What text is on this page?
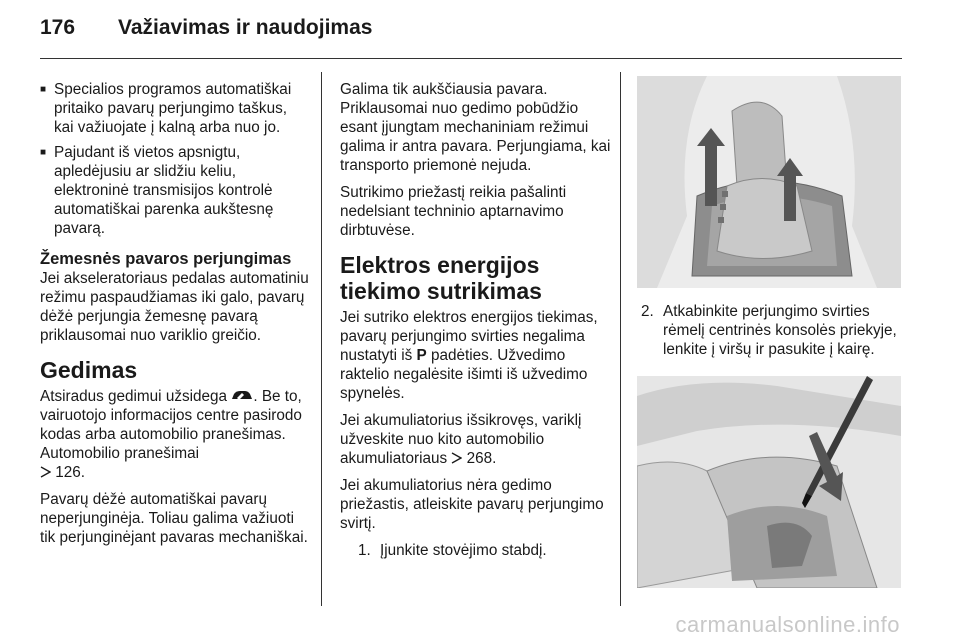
176 Važiavimas ir naudojimas
■ Specialios programos automatiškai pritaiko pavarų perjungimo taškus, kai važiuojate į kalną arba nuo jo.
■ Pajudant iš vietos apsnigtu, apledėjusiu ar slidžiu keliu, elektroninė transmisijos kontrolė automatiškai parenka aukštesnę pavarą.
Žemesnės pavaros perjungimas

Jei akseleratoriaus pedalas automatiniu režimu paspaudžiamas iki galo, pavarų dėžė perjungia žemesnę pavarą priklausomai nuo variklio greičio.

Gedimas

Atsiradus gedimui užsidega . Be to, vairuotojo informacijos centre pasirodo kodas arba automobilio pranešimas. Automobilio pranešimai
126.

Pavarų dėžė automatiškai pavarų neperjunginėja. Toliau galima važiuoti tik perjunginėjant pavaras mechaniškai.

Galima tik aukščiausia pavara. Priklausomai nuo gedimo pobūdžio esant įjungtam mechaniniam režimui galima ir antra pavara. Perjungiama, kai transporto priemonė nejuda.

Sutrikimo priežastį reikia pašalinti nedelsiant techninio aptarnavimo dirbtuvėse.

Elektros energijos tiekimo sutrikimas

Jei sutriko elektros energijos tiekimas, pavarų perjungimo svirties negalima nustatyti iš P padėties. Užvedimo raktelio negalėsite išimti iš užvedimo spynelės.

Jei akumuliatorius išsikrovęs, variklį užveskite nuo kito automobilio akumuliatoriaus 268.

Jei akumuliatorius nėra gedimo priežastis, atleiskite pavarų perjungimo svirtį.

1. Įjunkite stovėjimo stabdį.
2. Atkabinkite perjungimo svirties rėmelį centrinės konsolės priekyje, lenkite į viršų ir pasukite į kairę.
carmanualsonline.info
